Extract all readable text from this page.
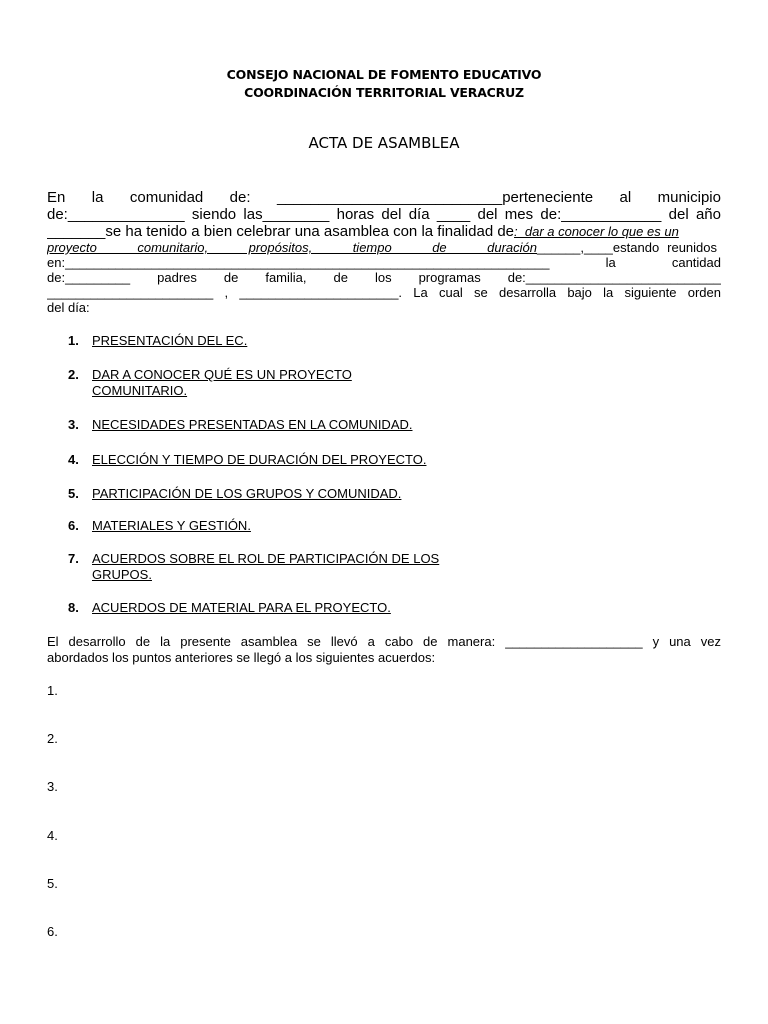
CONSEJO NACIONAL DE FOMENTO EDUCATIVO
COORDINACIÓN TERRITORIAL VERACRUZ
ACTA DE ASAMBLEA
En la comunidad de: ___________________________perteneciente al municipio
de:______________ siendo las________ horas del día ____ del mes de:____________ del año
_______se ha tenido a bien celebrar una asamblea con la finalidad de:_dar a conocer lo que es un
proyecto comunitario, propósitos, tiempo de duración______,____estando reunidos
en:___________________________________________________________________ la cantidad
de:_________ padres de familia, de los programas de:___________________________
_______________________ , ______________________. La cual se desarrolla bajo la siguiente orden
del día:
1. PRESENTACIÓN DEL EC.
2. DAR A CONOCER QUÉ ES UN PROYECTO COMUNITARIO.
3. NECESIDADES PRESENTADAS EN LA COMUNIDAD.
4. ELECCIÓN Y TIEMPO DE DURACIÓN DEL PROYECTO.
5. PARTICIPACIÓN DE LOS GRUPOS Y COMUNIDAD.
6. MATERIALES Y GESTIÓN.
7. ACUERDOS SOBRE EL ROL DE PARTICIPACIÓN DE LOS GRUPOS.
8. ACUERDOS DE MATERIAL PARA EL PROYECTO.
El desarrollo de la presente asamblea se llevó a cabo de manera: ___________________ y una vez
abordados los puntos anteriores se llegó a los siguientes acuerdos:
1.
2.
3.
4.
5.
6.
